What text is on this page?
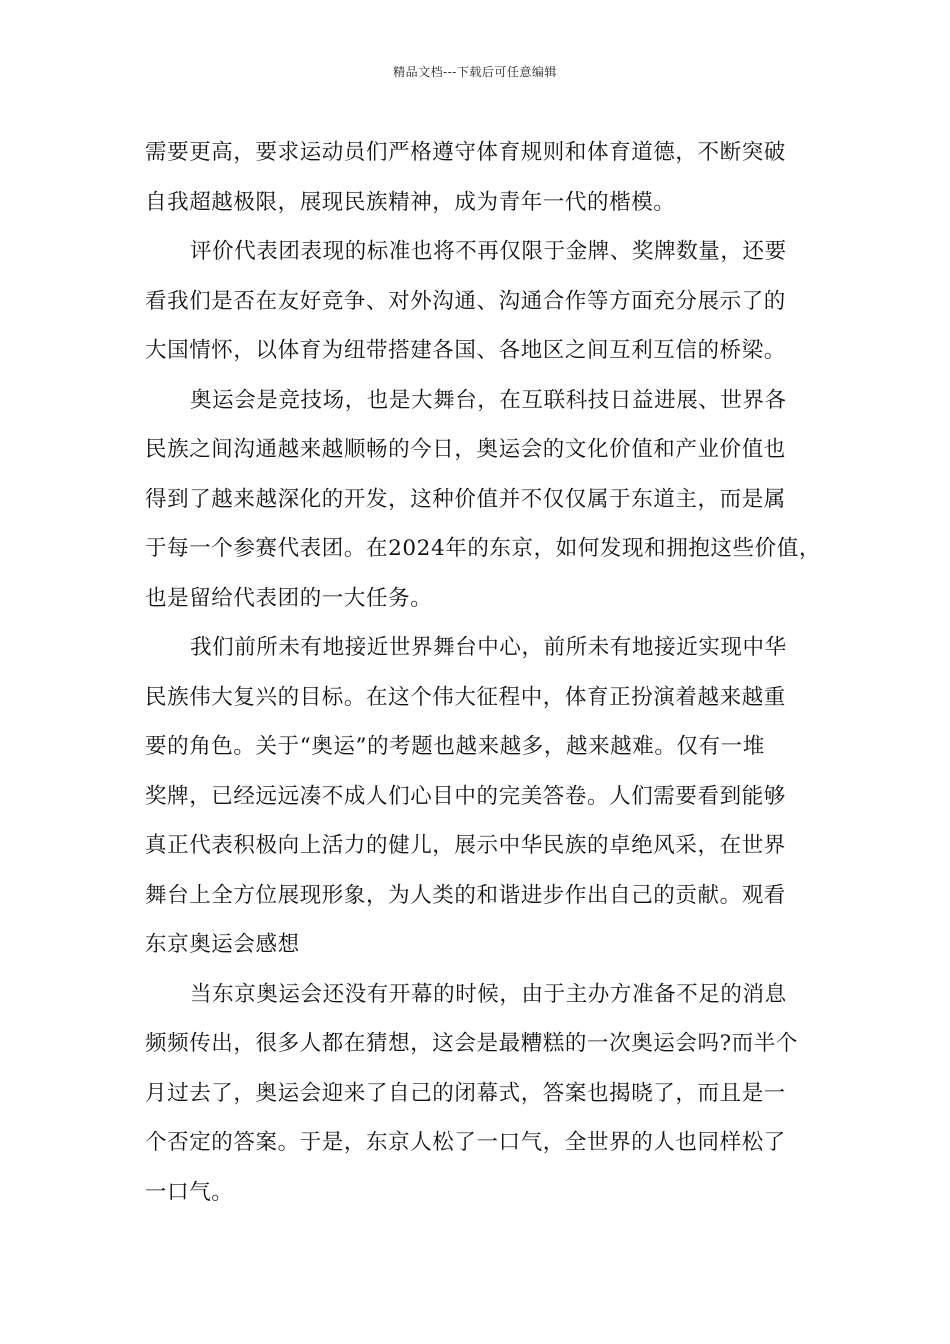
精品文档---下载后可任意编辑
需要更高，要求运动员们严格遵守体育规则和体育道德，不断突破
自我超越极限，展现民族精神，成为青年一代的楷模。
评价代表团表现的标准也将不再仅限于金牌、奖牌数量，还要
看我们是否在友好竞争、对外沟通、沟通合作等方面充分展示了的
大国情怀，以体育为纽带搭建各国、各地区之间互利互信的桥梁。
奥运会是竞技场，也是大舞台，在互联科技日益进展、世界各
民族之间沟通越来越顺畅的今日，奥运会的文化价值和产业价值也
得到了越来越深化的开发，这种价值并不仅仅属于东道主，而是属
于每一个参赛代表团。在2024年的东京，如何发现和拥抱这些价值，
也是留给代表团的一大任务。
我们前所未有地接近世界舞台中心，前所未有地接近实现中华
民族伟大复兴的目标。在这个伟大征程中，体育正扮演着越来越重
要的角色。关于“奥运”的考题也越来越多，越来越难。仅有一堆
奖牌，已经远远凑不成人们心目中的完美答卷。人们需要看到能够
真正代表积极向上活力的健儿，展示中华民族的卓绝风采，在世界
舞台上全方位展现形象，为人类的和谐进步作出自己的贡献。观看
东京奥运会感想
当东京奥运会还没有开幕的时候，由于主办方准备不足的消息
频频传出，很多人都在猜想，这会是最糟糕的一次奥运会吗?而半个
月过去了，奥运会迎来了自己的闭幕式，答案也揭晓了，而且是一
个否定的答案。于是，东京人松了一口气，全世界的人也同样松了
一口气。
